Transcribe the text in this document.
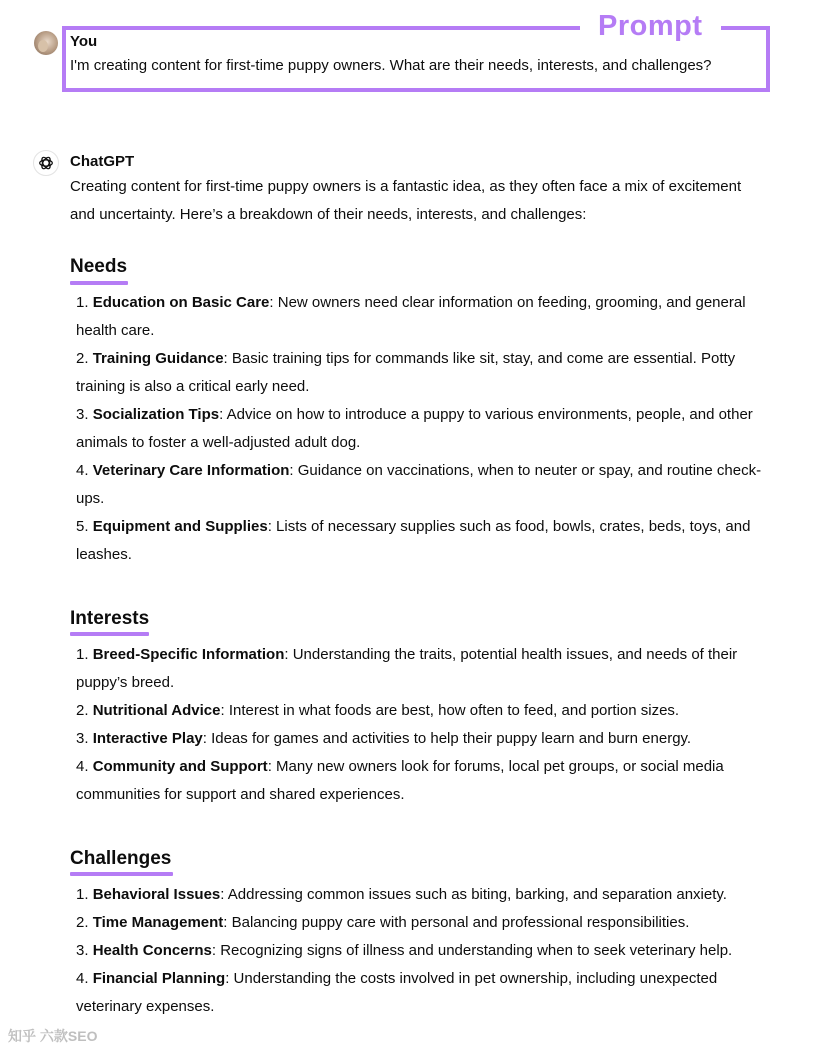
Prompt
You
I'm creating content for first-time puppy owners. What are their needs, interests, and challenges?
ChatGPT
Creating content for first-time puppy owners is a fantastic idea, as they often face a mix of excitement and uncertainty. Here’s a breakdown of their needs, interests, and challenges:
Needs
1. Education on Basic Care: New owners need clear information on feeding, grooming, and general health care.
2. Training Guidance: Basic training tips for commands like sit, stay, and come are essential. Potty training is also a critical early need.
3. Socialization Tips: Advice on how to introduce a puppy to various environments, people, and other animals to foster a well-adjusted adult dog.
4. Veterinary Care Information: Guidance on vaccinations, when to neuter or spay, and routine check-ups.
5. Equipment and Supplies: Lists of necessary supplies such as food, bowls, crates, beds, toys, and leashes.
Interests
1. Breed-Specific Information: Understanding the traits, potential health issues, and needs of their puppy’s breed.
2. Nutritional Advice: Interest in what foods are best, how often to feed, and portion sizes.
3. Interactive Play: Ideas for games and activities to help their puppy learn and burn energy.
4. Community and Support: Many new owners look for forums, local pet groups, or social media communities for support and shared experiences.
Challenges
1. Behavioral Issues: Addressing common issues such as biting, barking, and separation anxiety.
2. Time Management: Balancing puppy care with personal and professional responsibilities.
3. Health Concerns: Recognizing signs of illness and understanding when to seek veterinary help.
4. Financial Planning: Understanding the costs involved in pet ownership, including unexpected veterinary expenses.
知乎 六款SEO
